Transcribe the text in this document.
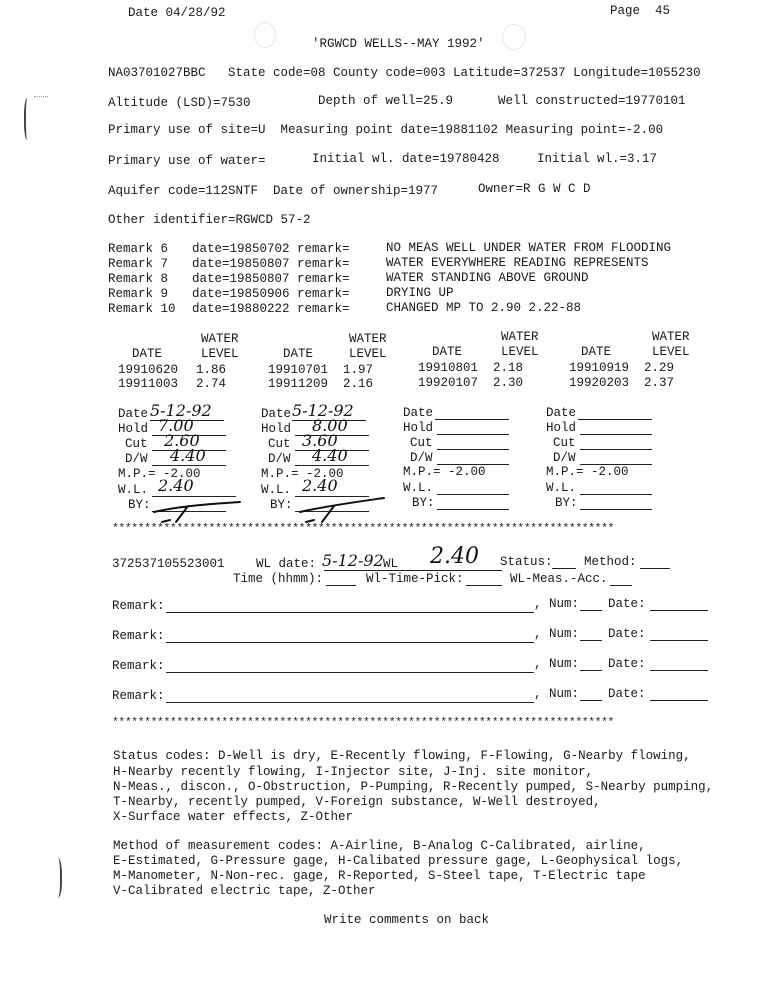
Date 04/28/92	Page  45
'RGWCD WELLS--MAY 1992'
NA03701027BBC   State code=08 County code=003 Latitude=372537 Longitude=1055230
Altitude (LSD)=7530	Depth of well=25.9	Well constructed=19770101
Primary use of site=U  Measuring point date=19881102 Measuring point=-2.00
Primary use of water=	Initial wl. date=19780428	Initial wl.=3.17
Aquifer code=112SNTF  Date of ownership=1977	Owner=R G W C D
Other identifier=RGWCD 57-2
Remark 6 date=19850702 remark=	NO MEAS WELL UNDER WATER FROM FLOODING
Remark 7 date=19850807 remark=	WATER EVERYWHERE READING REPRESENTS
Remark 8 date=19850807 remark=	WATER STANDING ABOVE GROUND
Remark 9 date=19850906 remark=	DRYING UP
Remark 10 date=19880222 remark=	CHANGED MP TO 2.90 2.22-88
WATER	WATER	WATER	WATER
DATE	LEVEL	DATE	LEVEL	DATE	LEVEL	DATE	LEVEL
19910620 1.86	19910701 1.97	19910801 2.18	19910919 2.29
19911003 2.74	19911209 2.16	19920107 2.30	19920203 2.37
Date 5-12-92
Hold 7.00
Cut 2.60
D/W 4.40
M.P.= -2.00
W.L. 2.40
BY:
Date 5-12-92
Hold 8.00
Cut 3.60
D/W 4.40
M.P.= -2.00
W.L. 2.40
BY:
Date
Hold
Cut
D/W
M.P.= -2.00
W.L.
BY:
Date
Hold
Cut
D/W
M.P.= -2.00
W.L.
BY:
******************************************************************************
372537105523001	WL date: 5-12-92 WL 2.40 Status:	Method:
Time (hhmm):	Wl-Time-Pick:	WL-Meas.-Acc.
Remark:	, Num: Date:
Remark:	, Num: Date:
Remark:	, Num: Date:
Remark:	, Num: Date:
******************************************************************************
Status codes: D-Well is dry, E-Recently flowing, F-Flowing, G-Nearby flowing,
H-Nearby recently flowing, I-Injector site, J-Inj. site monitor,
N-Meas., discon., O-Obstruction, P-Pumping, R-Recently pumped, S-Nearby pumping,
T-Nearby, recently pumped, V-Foreign substance, W-Well destroyed,
X-Surface water effects, Z-Other
Method of measurement codes: A-Airline, B-Analog C-Calibrated, airline,
E-Estimated, G-Pressure gage, H-Calibated pressure gage, L-Geophysical logs,
M-Manometer, N-Non-rec. gage, R-Reported, S-Steel tape, T-Electric tape
V-Calibrated electric tape, Z-Other
Write comments on back
